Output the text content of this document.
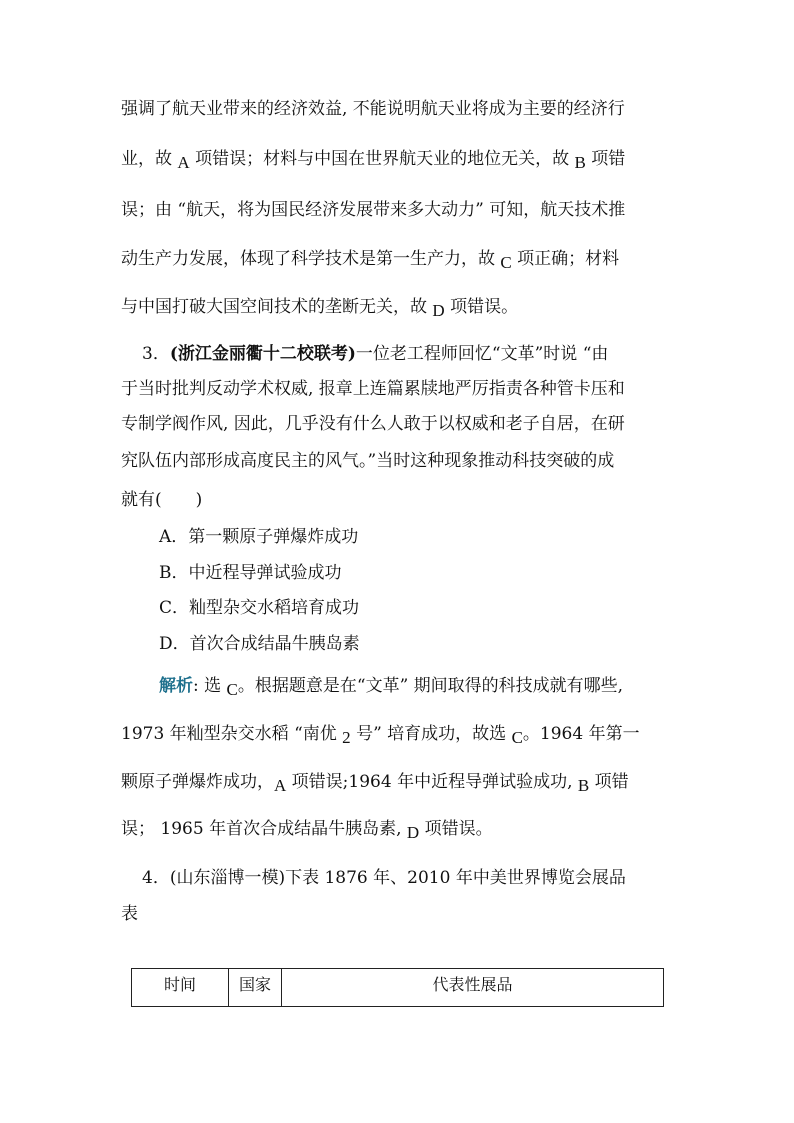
强调了航天业带来的经济效益, 不能说明航天业将成为主要的经济行
业，故 A 项错误；材料与中国在世界航天业的地位无关，故 B 项错
误；由 “航天，将为国民经济发展带来多大动力” 可知，航天技术推
动生产力发展，体现了科学技术是第一生产力，故 C 项正确；材料
与中国打破大国空间技术的垄断无关，故 D 项错误。
3．(浙江金丽衢十二校联考)一位老工程师回忆“文革”时说 “由
于当时批判反动学术权威, 报章上连篇累牍地严厉指责各种管卡压和
专制学阀作风, 因此，几乎没有什么人敢于以权威和老子自居，在研
究队伍内部形成高度民主的风气。”当时这种现象推动科技突破的成
就有(　　)
A．第一颗原子弹爆炸成功
B．中近程导弹试验成功
C．籼型杂交水稻培育成功
D．首次合成结晶牛胰岛素
解析: 选 C。根据题意是在“文革” 期间取得的科技成就有哪些,
1973 年籼型杂交水稻 “南优 2 号” 培育成功，故选 C。1964 年第一
颗原子弹爆炸成功，A 项错误;1964 年中近程导弹试验成功, B 项错
误； 1965 年首次合成结晶牛胰岛素, D 项错误。
4．(山东淄博一模)下表 1876 年、2010 年中美世界博览会展品
表
时间	国家	代表性展品
